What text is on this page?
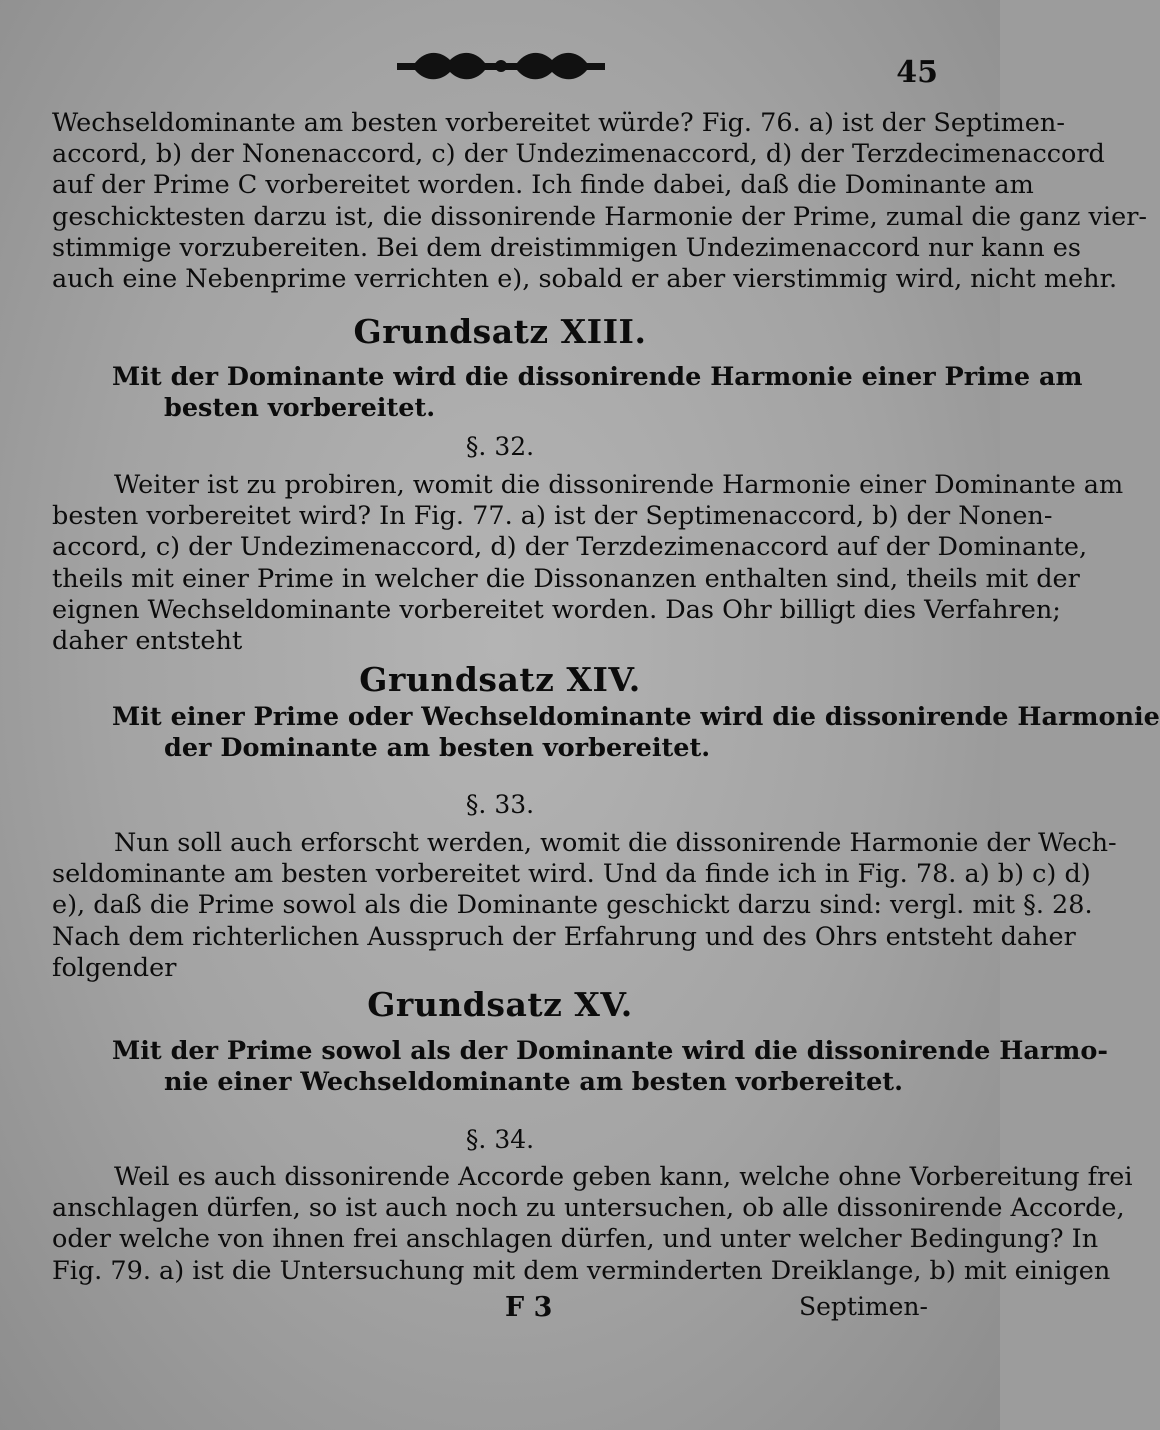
45
Wechseldominante am besten vorbereitet würde? Fig. 76. a) ist der Septimen-
accord, b) der Nonenaccord, c) der Undezimenaccord, d) der Terzdecimenaccord
auf der Prime C vorbereitet worden. Ich finde dabei, daß die Dominante am
geschicktesten darzu ist, die dissonirende Harmonie der Prime, zumal die ganz vier-
stimmige vorzubereiten. Bei dem dreistimmigen Undezimenaccord nur kann es
auch eine Nebenprime verrichten e), sobald er aber vierstimmig wird, nicht mehr.
Grundsatz XIII.
Mit der Dominante wird die dissonirende Harmonie einer Prime am
besten vorbereitet.
§. 32.
Weiter ist zu probiren, womit die dissonirende Harmonie einer Dominante am
besten vorbereitet wird? In Fig. 77. a) ist der Septimenaccord, b) der Nonen-
accord, c) der Undezimenaccord, d) der Terzdezimenaccord auf der Dominante,
theils mit einer Prime in welcher die Dissonanzen enthalten sind, theils mit der
eignen Wechseldominante vorbereitet worden. Das Ohr billigt dies Verfahren;
daher entsteht
Grundsatz XIV.
Mit einer Prime oder Wechseldominante wird die dissonirende Harmonie
der Dominante am besten vorbereitet.
§. 33.
Nun soll auch erforscht werden, womit die dissonirende Harmonie der Wech-
seldominante am besten vorbereitet wird. Und da finde ich in Fig. 78. a) b) c) d)
e), daß die Prime sowol als die Dominante geschickt darzu sind: vergl. mit §. 28.
Nach dem richterlichen Ausspruch der Erfahrung und des Ohrs entsteht daher
folgender
Grundsatz XV.
Mit der Prime sowol als der Dominante wird die dissonirende Harmo-
nie einer Wechseldominante am besten vorbereitet.
§. 34.
Weil es auch dissonirende Accorde geben kann, welche ohne Vorbereitung frei
anschlagen dürfen, so ist auch noch zu untersuchen, ob alle dissonirende Accorde,
oder welche von ihnen frei anschlagen dürfen, und unter welcher Bedingung? In
Fig. 79. a) ist die Untersuchung mit dem verminderten Dreiklange, b) mit einigen
F 3	Septimen-
